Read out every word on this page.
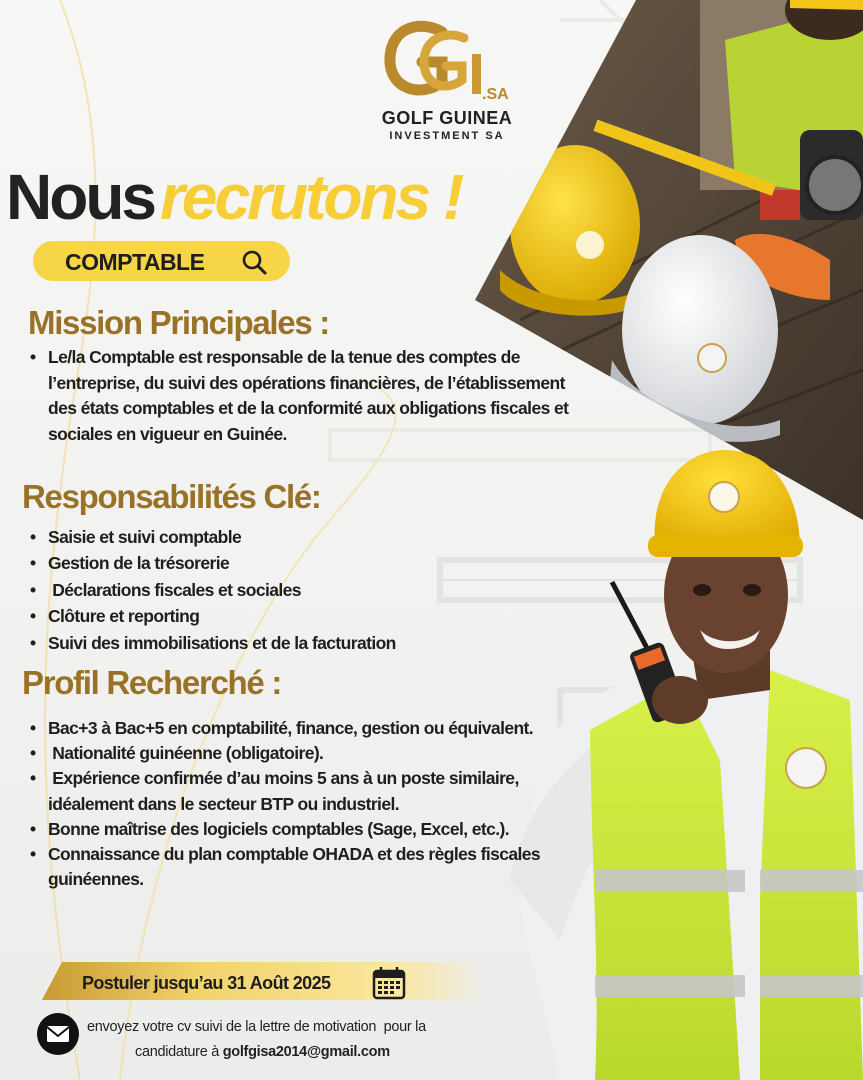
.SA
GOLF GUINEA
INVESTMENT SA
Nousrecrutons !
COMPTABLE
Mission Principales :
• Le/la Comptable est responsable de la tenue des comptes de
l’entreprise, du suivi des opérations financières, de l’établissement
des états comptables et de la conformité aux obligations fiscales et
sociales en vigueur en Guinée.
Responsabilités Clé:
• Saisie et suivi comptable
• Gestion de la trésorerie
•  Déclarations fiscales et sociales
• Clôture et reporting
• Suivi des immobilisations et de la facturation
Profil Recherché :
• Bac+3 à Bac+5 en comptabilité, finance, gestion ou équivalent.
•  Nationalité guinéenne (obligatoire).
•  Expérience confirmée d’au moins 5 ans à un poste similaire,
idéalement dans le secteur BTP ou industriel.
• Bonne maîtrise des logiciels comptables (Sage, Excel, etc.).
• Connaissance du plan comptable OHADA et des règles fiscales
guinéennes.
Postuler jusqu’au 31 Août 2025
envoyez votre cv suivi de la lettre de motivation  pour la
candidature à golfgisa2014@gmail.com
